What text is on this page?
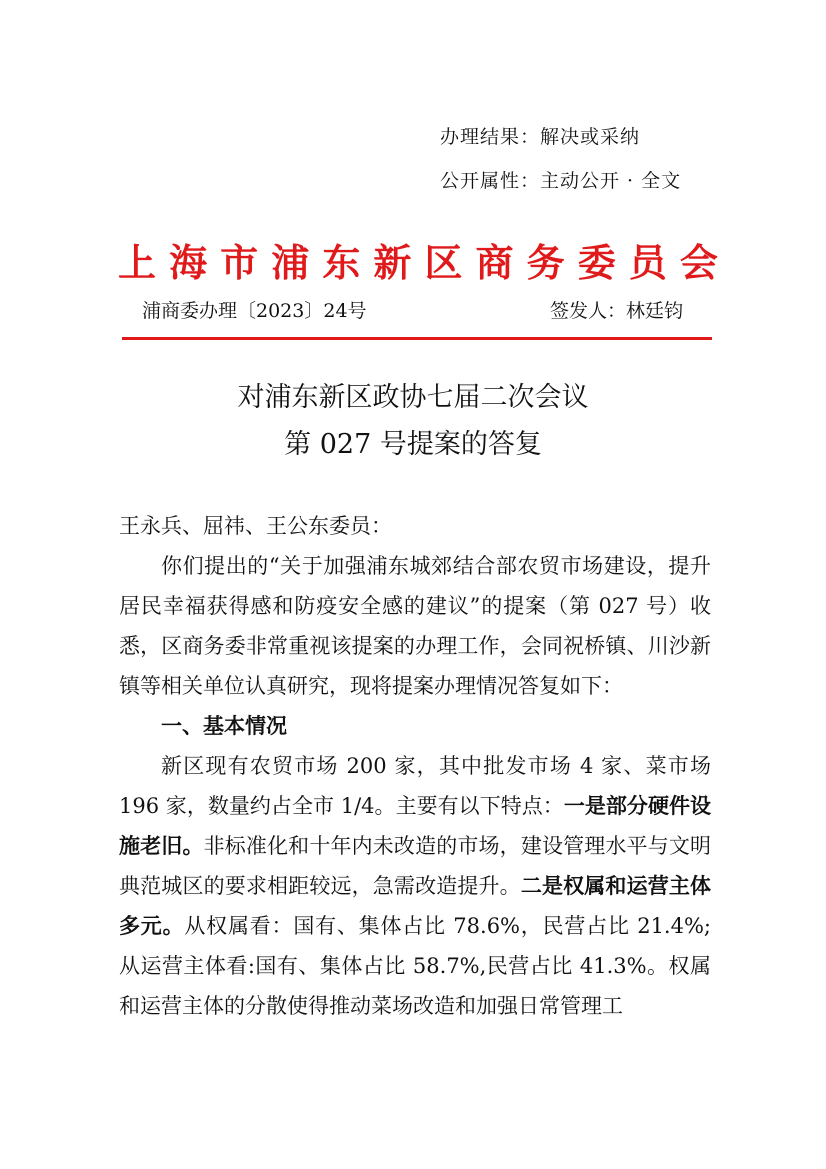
办理结果：解决或采纳
公开属性：主动公开 · 全文
上 海 市 浦 东 新 区 商 务 委 员 会
浦商委办理〔2023〕24号	签发人：林廷钧
对浦东新区政协七届二次会议
第 027 号提案的答复

王永兵、屈祎、王公东委员：

你们提出的“关于加强浦东城郊结合部农贸市场建设，提升居民幸福获得感和防疫安全感的建议”的提案（第 027 号）收悉，区商务委非常重视该提案的办理工作，会同祝桥镇、川沙新镇等相关单位认真研究，现将提案办理情况答复如下：

一、基本情况

新区现有农贸市场 200 家，其中批发市场 4 家、菜市场 196 家，数量约占全市 1/4。主要有以下特点：一是部分硬件设施老旧。非标准化和十年内未改造的市场，建设管理水平与文明典范城区的要求相距较远，急需改造提升。二是权属和运营主体多元。从权属看：国有、集体占比 78.6%，民营占比 21.4%;从运营主体看:国有、集体占比 58.7%,民营占比 41.3%。权属和运营主体的分散使得推动菜场改造和加强日常管理工
